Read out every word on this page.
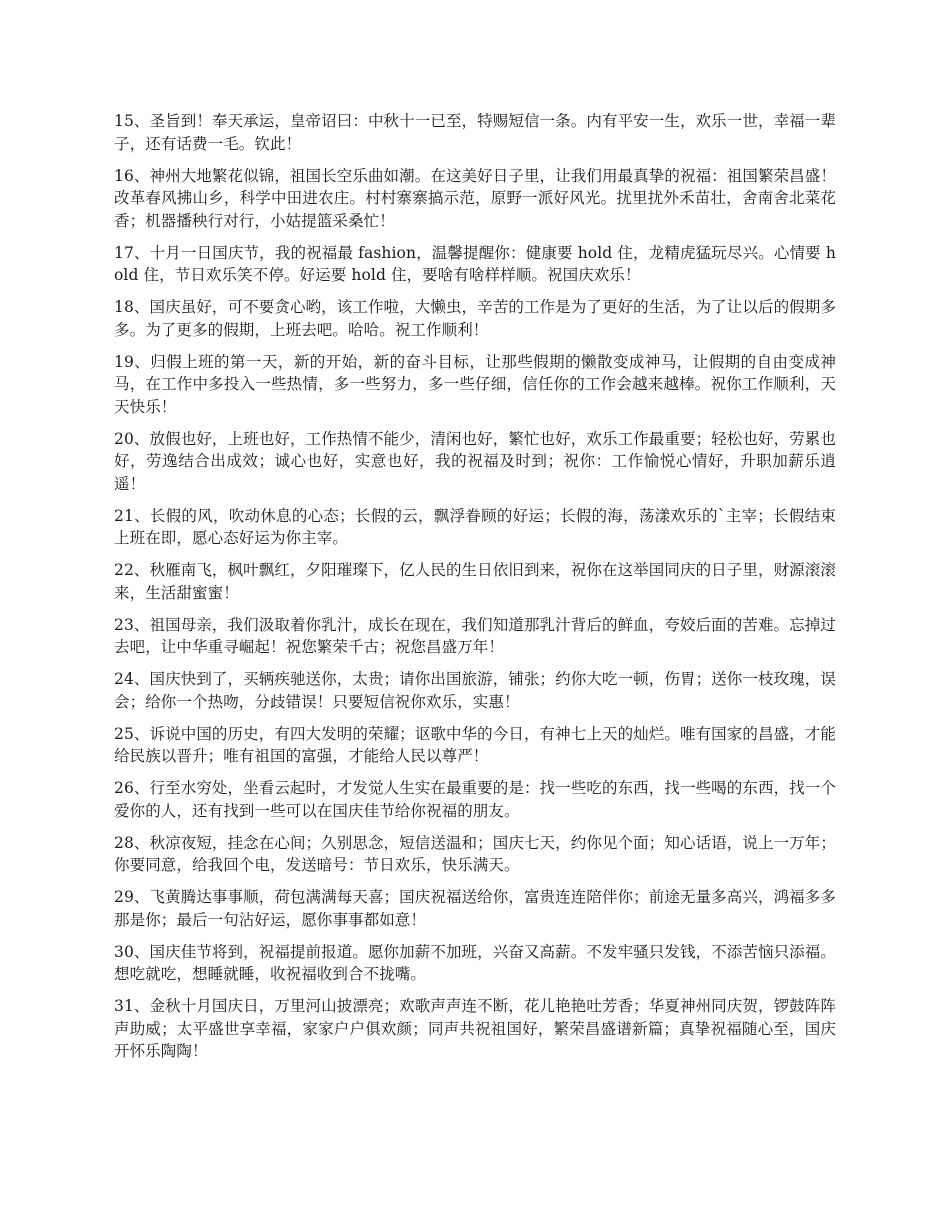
15、圣旨到！奉天承运，皇帝诏曰：中秋十一已至，特赐短信一条。内有平安一生，欢乐一世，幸福一辈子，还有话费一毛。钦此！

16、神州大地繁花似锦，祖国长空乐曲如潮。在这美好日子里，让我们用最真挚的祝福：祖国繁荣昌盛！改革春风拂山乡，科学中田进农庄。村村寨寨搞示范，原野一派好风光。扰里扰外禾苗壮，舍南舍北菜花香；机器播秧行对行，小姑提篮采桑忙！

17、十月一日国庆节，我的祝福最 fashion，温馨提醒你：健康要 hold 住，龙精虎猛玩尽兴。心情要 hold 住，节日欢乐笑不停。好运要 hold 住，要啥有啥样样顺。祝国庆欢乐！

18、国庆虽好，可不要贪心哟，该工作啦，大懒虫，辛苦的工作是为了更好的生活，为了让以后的假期多多。为了更多的假期，上班去吧。哈哈。祝工作顺利！

19、归假上班的第一天，新的开始，新的奋斗目标，让那些假期的懒散变成神马，让假期的自由变成神马，在工作中多投入一些热情，多一些努力，多一些仔细，信任你的工作会越来越棒。祝你工作顺利，天天快乐！

20、放假也好，上班也好，工作热情不能少，清闲也好，繁忙也好，欢乐工作最重要；轻松也好，劳累也好，劳逸结合出成效；诚心也好，实意也好，我的祝福及时到；祝你：工作愉悦心情好，升职加薪乐逍遥！

21、长假的风，吹动休息的心态；长假的云，飘浮眷顾的好运；长假的海，荡漾欢乐的`主宰；长假结束上班在即，愿心态好运为你主宰。

22、秋雁南飞，枫叶飘红，夕阳璀璨下，亿人民的生日依旧到来，祝你在这举国同庆的日子里，财源滚滚来，生活甜蜜蜜！

23、祖国母亲，我们汲取着你乳汁，成长在现在，我们知道那乳汁背后的鲜血，夸姣后面的苦难。忘掉过去吧，让中华重寻崛起！祝您繁荣千古；祝您昌盛万年！

24、国庆快到了，买辆疾驰送你，太贵；请你出国旅游，铺张；约你大吃一顿，伤胃；送你一枝玫瑰，误会；给你一个热吻，分歧错误！只要短信祝你欢乐，实惠！

25、诉说中国的历史，有四大发明的荣耀；讴歌中华的今日，有神七上天的灿烂。唯有国家的昌盛，才能给民族以晋升；唯有祖国的富强，才能给人民以尊严！

26、行至水穷处，坐看云起时，才发觉人生实在最重要的是：找一些吃的东西，找一些喝的东西，找一个爱你的人，还有找到一些可以在国庆佳节给你祝福的朋友。

28、秋凉夜短，挂念在心间；久别思念，短信送温和；国庆七天，约你见个面；知心话语，说上一万年；你要同意，给我回个电，发送暗号：节日欢乐，快乐满天。

29、飞黄腾达事事顺，荷包满满每天喜；国庆祝福送给你，富贵连连陪伴你；前途无量多高兴，鸿福多多那是你；最后一句沾好运，愿你事事都如意！

30、国庆佳节将到，祝福提前报道。愿你加薪不加班，兴奋又高薪。不发牢骚只发钱，不添苦恼只添福。想吃就吃，想睡就睡，收祝福收到合不拢嘴。

31、金秋十月国庆日，万里河山披漂亮；欢歌声声连不断，花儿艳艳吐芳香；华夏神州同庆贺，锣鼓阵阵声助威；太平盛世享幸福，家家户户俱欢颜；同声共祝祖国好，繁荣昌盛谱新篇；真挚祝福随心至，国庆开怀乐陶陶！
